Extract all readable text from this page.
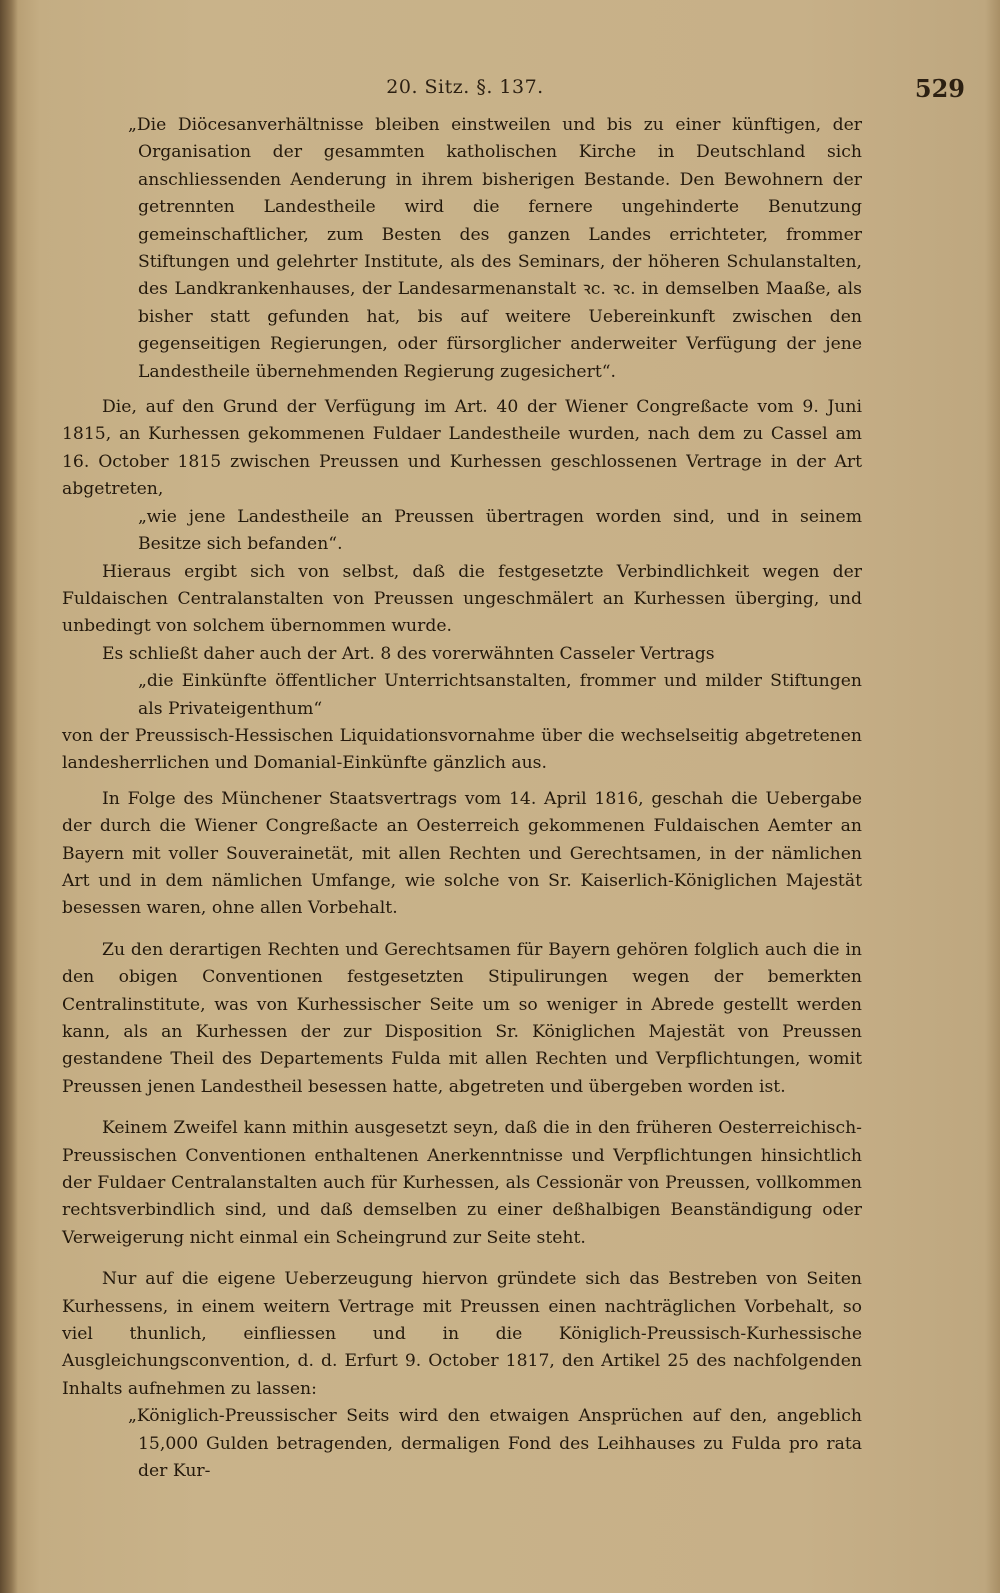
20. Sitz. §. 137.	529

„Die Diöcesanverhältnisse bleiben einstweilen und bis zu einer künftigen, der Organisation der gesammten katholischen Kirche in Deutschland sich anschliessenden Aenderung in ihrem bisherigen Bestande. Den Bewohnern der getrennten Landestheile wird die fernere ungehinderte Benutzung gemeinschaftlicher, zum Besten des ganzen Landes errichteter, frommer Stiftungen und gelehrter Institute, als des Seminars, der höheren Schulanstalten, des Landkrankenhauses, der Landesarmenanstalt ꝛc. ꝛc. in demselben Maaße, als bisher statt gefunden hat, bis auf weitere Uebereinkunft zwischen den gegenseitigen Regierungen, oder fürsorglicher anderweiter Verfügung der jene Landestheile übernehmenden Regierung zugesichert“.

Die, auf den Grund der Verfügung im Art. 40 der Wiener Congreßacte vom 9. Juni 1815, an Kurhessen gekommenen Fuldaer Landestheile wurden, nach dem zu Cassel am 16. October 1815 zwischen Preussen und Kurhessen geschlossenen Vertrage in der Art abgetreten,

„wie jene Landestheile an Preussen übertragen worden sind, und in seinem Besitze sich befanden“.

Hieraus ergibt sich von selbst, daß die festgesetzte Verbindlichkeit wegen der Fuldaischen Centralanstalten von Preussen ungeschmälert an Kurhessen überging, und unbedingt von solchem übernommen wurde.

Es schließt daher auch der Art. 8 des vorerwähnten Casseler Vertrags

„die Einkünfte öffentlicher Unterrichtsanstalten, frommer und milder Stiftungen als Privateigenthum“

von der Preussisch-Hessischen Liquidationsvornahme über die wechselseitig abgetretenen landesherrlichen und Domanial-Einkünfte gänzlich aus.

In Folge des Münchener Staatsvertrags vom 14. April 1816, geschah die Uebergabe der durch die Wiener Congreßacte an Oesterreich gekommenen Fuldaischen Aemter an Bayern mit voller Souverainetät, mit allen Rechten und Gerechtsamen, in der nämlichen Art und in dem nämlichen Umfange, wie solche von Sr. Kaiserlich-Königlichen Majestät besessen waren, ohne allen Vorbehalt.

Zu den derartigen Rechten und Gerechtsamen für Bayern gehören folglich auch die in den obigen Conventionen festgesetzten Stipulirungen wegen der bemerkten Centralinstitute, was von Kurhessischer Seite um so weniger in Abrede gestellt werden kann, als an Kurhessen der zur Disposition Sr. Königlichen Majestät von Preussen gestandene Theil des Departements Fulda mit allen Rechten und Verpflichtungen, womit Preussen jenen Landestheil besessen hatte, abgetreten und übergeben worden ist.

Keinem Zweifel kann mithin ausgesetzt seyn, daß die in den früheren Oesterreichisch-Preussischen Conventionen enthaltenen Anerkenntnisse und Verpflichtungen hinsichtlich der Fuldaer Centralanstalten auch für Kurhessen, als Cessionär von Preussen, vollkommen rechtsverbindlich sind, und daß demselben zu einer deßhalbigen Beanständigung oder Verweigerung nicht einmal ein Scheingrund zur Seite steht.

Nur auf die eigene Ueberzeugung hiervon gründete sich das Bestreben von Seiten Kurhessens, in einem weitern Vertrage mit Preussen einen nachträglichen Vorbehalt, so viel thunlich, einfliessen und in die Königlich-Preussisch-Kurhessische Ausgleichungsconvention, d. d. Erfurt 9. October 1817, den Artikel 25 des nachfolgenden Inhalts aufnehmen zu lassen:

„Königlich-Preussischer Seits wird den etwaigen Ansprüchen auf den, angeblich 15,000 Gulden betragenden, dermaligen Fond des Leihhauses zu Fulda pro rata der Kur-
